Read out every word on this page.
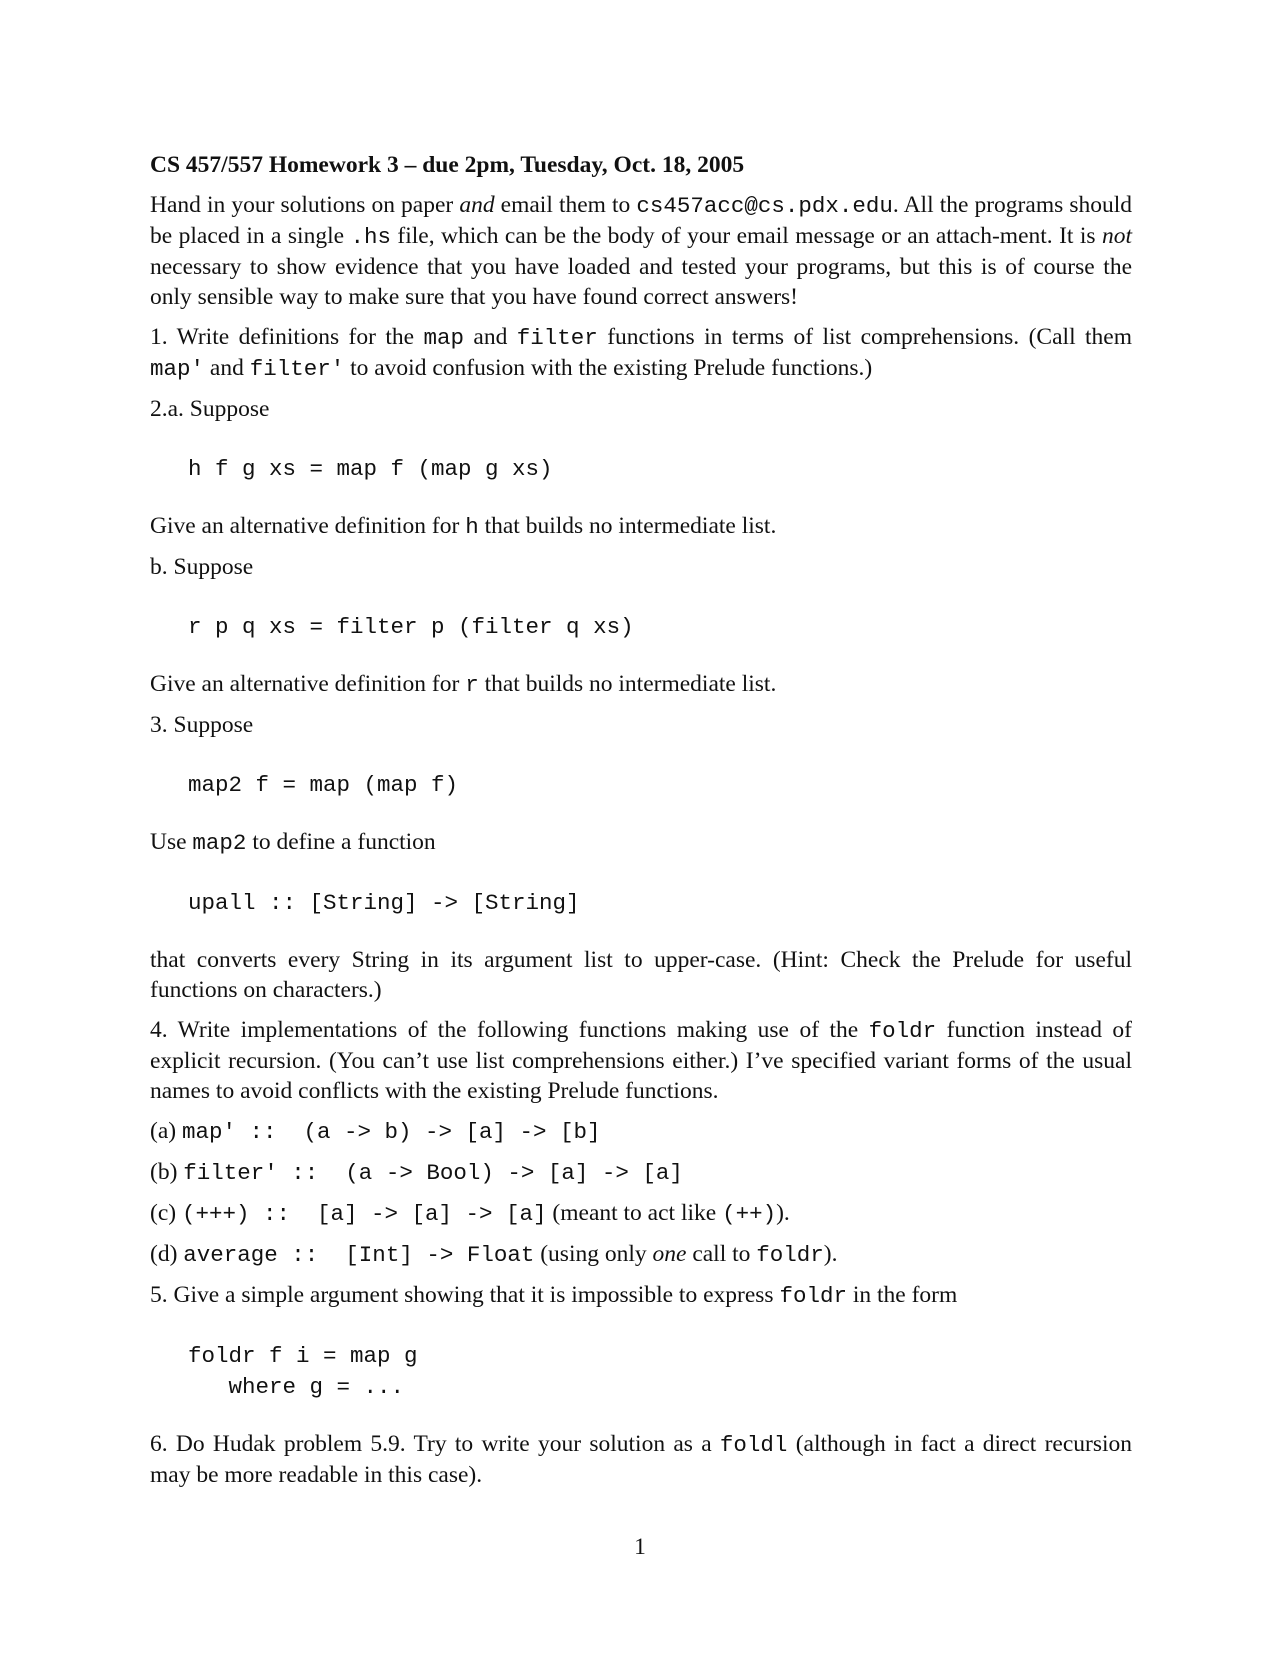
CS 457/557 Homework 3 – due 2pm, Tuesday, Oct. 18, 2005

Hand in your solutions on paper and email them to cs457acc@cs.pdx.edu. All the programs should be placed in a single .hs file, which can be the body of your email message or an attach-ment. It is not necessary to show evidence that you have loaded and tested your programs, but this is of course the only sensible way to make sure that you have found correct answers!

1. Write definitions for the map and filter functions in terms of list comprehensions. (Call them map' and filter' to avoid confusion with the existing Prelude functions.)

2.a. Suppose
h f g xs = map f (map g xs)

Give an alternative definition for h that builds no intermediate list.

b. Suppose
r p q xs = filter p (filter q xs)

Give an alternative definition for r that builds no intermediate list.

3. Suppose
map2 f = map (map f)

Use map2 to define a function

upall :: [String] -> [String]

that converts every String in its argument list to upper-case. (Hint: Check the Prelude for useful functions on characters.)

4. Write implementations of the following functions making use of the foldr function instead of explicit recursion. (You can’t use list comprehensions either.) I’ve specified variant forms of the usual names to avoid conflicts with the existing Prelude functions.

(a) map' ::  (a -> b) -> [a] -> [b]
(b) filter' ::  (a -> Bool) -> [a] -> [a]
(c) (+++) ::  [a] -> [a] -> [a] (meant to act like (++)).
(d) average ::  [Int] -> Float (using only one call to foldr).

5. Give a simple argument showing that it is impossible to express foldr in the form

foldr f i = map g
where g = ...

6. Do Hudak problem 5.9. Try to write your solution as a foldl (although in fact a direct recursion may be more readable in this case).

1
